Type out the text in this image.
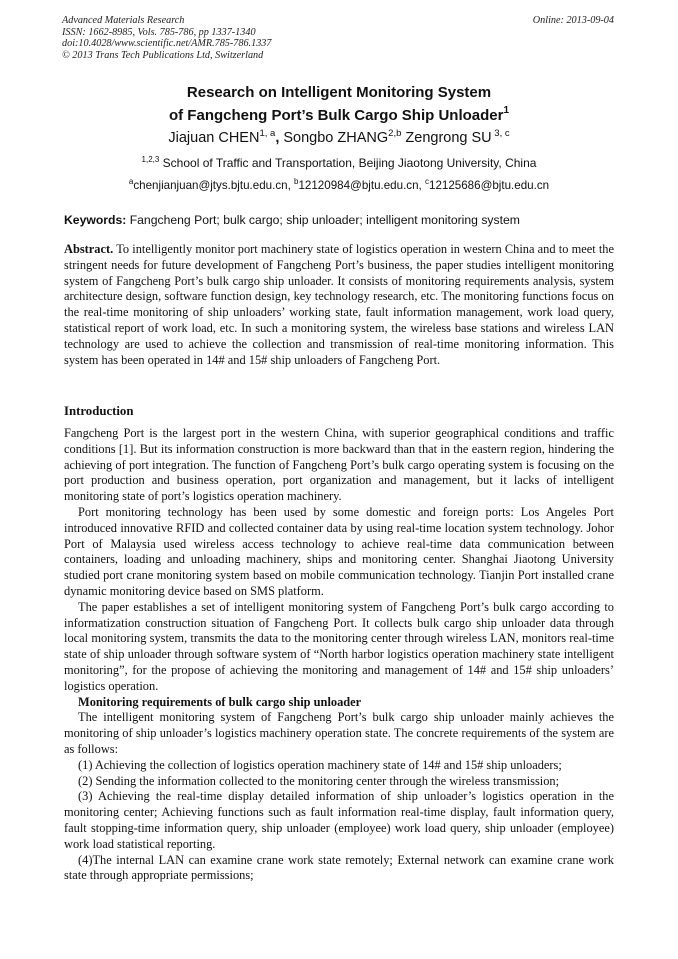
Advanced Materials Research
ISSN: 1662-8985, Vols. 785-786, pp 1337-1340
doi:10.4028/www.scientific.net/AMR.785-786.1337
© 2013 Trans Tech Publications Ltd, Switzerland
Online: 2013-09-04
Research on Intelligent Monitoring System
of Fangcheng Port’s Bulk Cargo Ship Unloader$^1$
Jiajuan CHEN$^{1, a}$, Songbo ZHANG$^{2,b}$ Zengrong SU $^{3, c}$
$^{1,2,3}$ School of Traffic and Transportation, Beijing Jiaotong University, China
$^a$chenjianjuan@jtys.bjtu.edu.cn, $^b$12120984@bjtu.edu.cn, $^c$12125686@bjtu.edu.cn
Keywords: Fangcheng Port; bulk cargo; ship unloader; intelligent monitoring system

Abstract. To intelligently monitor port machinery state of logistics operation in western China and to meet the stringent needs for future development of Fangcheng Port’s business, the paper studies intelligent monitoring system of Fangcheng Port’s bulk cargo ship unloader. It consists of monitoring requirements analysis, system architecture design, software function design, key technology research, etc. The monitoring functions focus on the real-time monitoring of ship unloaders’ working state, fault information management, work load query, statistical report of work load, etc. In such a monitoring system, the wireless base stations and wireless LAN technology are used to achieve the collection and transmission of real-time monitoring information. This system has been operated in 14# and 15# ship unloaders of Fangcheng Port.

Introduction

Fangcheng Port is the largest port in the western China, with superior geographical conditions and traffic conditions [1]. But its information construction is more backward than that in the eastern region, hindering the achieving of port integration. The function of Fangcheng Port’s bulk cargo operating system is focusing on the port production and business operation, port organization and management, but it lacks of intelligent monitoring state of port’s logistics operation machinery.

Port monitoring technology has been used by some domestic and foreign ports: Los Angeles Port introduced innovative RFID and collected container data by using real-time location system technology. Johor Port of Malaysia used wireless access technology to achieve real-time data communication between containers, loading and unloading machinery, ships and monitoring center. Shanghai Jiaotong University studied port crane monitoring system based on mobile communication technology. Tianjin Port installed crane dynamic monitoring device based on SMS platform.

The paper establishes a set of intelligent monitoring system of Fangcheng Port’s bulk cargo according to informatization construction situation of Fangcheng Port. It collects bulk cargo ship unloader data through local monitoring system, transmits the data to the monitoring center through wireless LAN, monitors real-time state of ship unloader through software system of “North harbor logistics operation machinery state intelligent monitoring”, for the propose of achieving the monitoring and management of 14# and 15# ship unloaders’ logistics operation.

Monitoring requirements of bulk cargo ship unloader

The intelligent monitoring system of Fangcheng Port’s bulk cargo ship unloader mainly achieves the monitoring of ship unloader’s logistics machinery operation state. The concrete requirements of the system are as follows:

(1) Achieving the collection of logistics operation machinery state of 14# and 15# ship unloaders;

(2) Sending the information collected to the monitoring center through the wireless transmission;

(3) Achieving the real-time display detailed information of ship unloader’s logistics operation in the monitoring center; Achieving functions such as fault information real-time display, fault information query, fault stopping-time information query, ship unloader (employee) work load query, ship unloader (employee) work load statistical reporting.

(4)The internal LAN can examine crane work state remotely; External network can examine crane work state through appropriate permissions;
